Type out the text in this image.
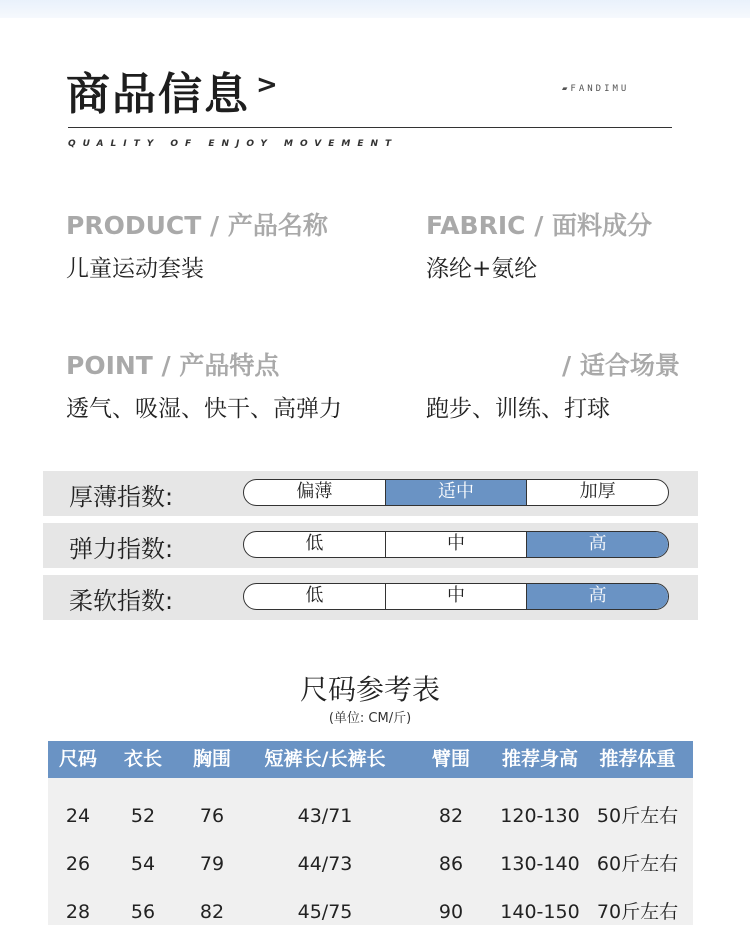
商品信息 >	▰FANDIMU
QUALITY OF ENJOY MOVEMENT
PRODUCT / 产品名称
儿童运动套装
FABRIC / 面料成分
涤纶+氨纶
POINT / 产品特点
透气、吸湿、快干、高弹力
/ 适合场景
跑步、训练、打球
厚薄指数:	偏薄	适中	加厚
弹力指数:	低	中	高
柔软指数:	低	中	高
尺码参考表
(单位: CM/斤)
尺码	衣长	胸围	短裤长/长裤长	臂围	推荐身高	推荐体重
24	52	76	43/71	82	120-130 50斤左右
26	54	79	44/73	86	130-140 60斤左右
28	56	82	45/75	90	140-150 70斤左右
